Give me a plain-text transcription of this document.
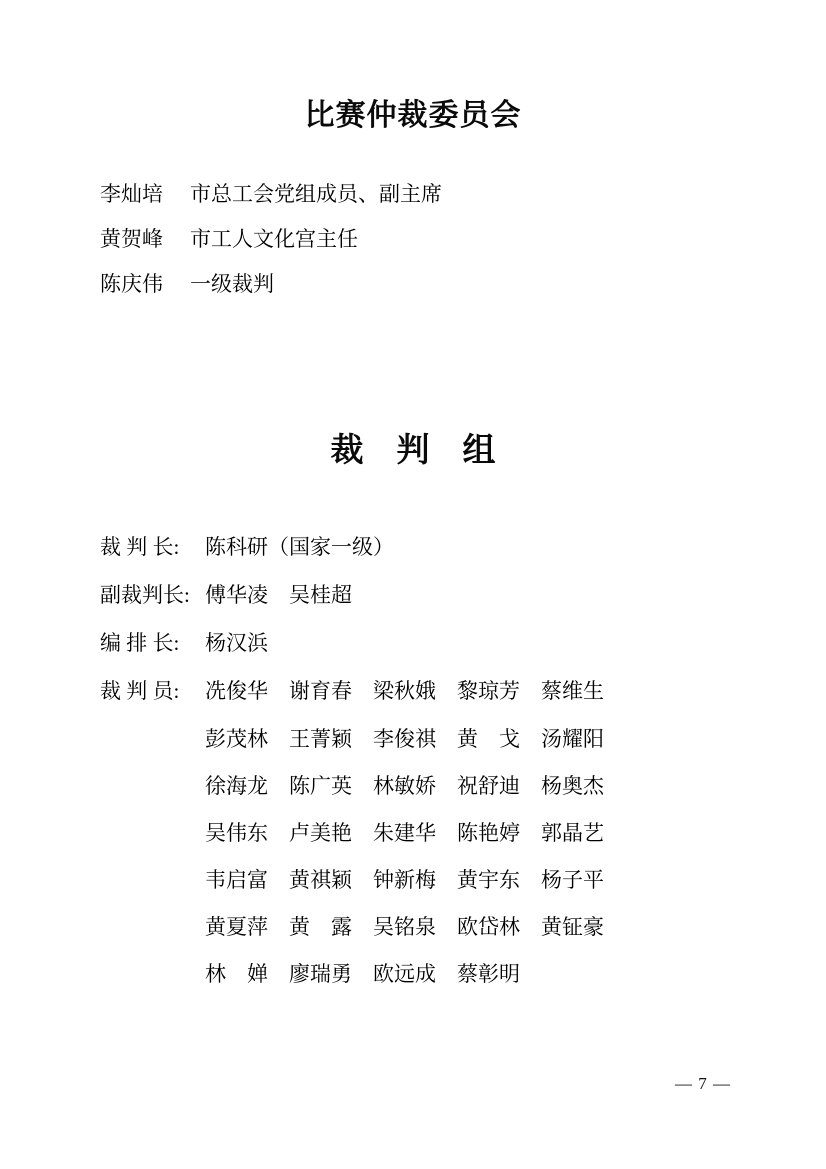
比赛仲裁委员会
李灿培 市总工会党组成员、副主席
黄贺峰 市工人文化宫主任
陈庆伟 一级裁判
裁　判　组
裁 判 长:	陈科研（国家一级）
副裁判长: 傅华凌　吴桂超
编 排 长:	杨汉浜
裁 判 员:	冼俊华 谢育春 梁秋娥 黎琼芳 蔡维生
彭茂林 王菁颖 李俊祺 黄　戈 汤耀阳
徐海龙 陈广英 林敏娇 祝舒迪 杨奥杰
吴伟东 卢美艳 朱建华 陈艳婷 郭晶艺
韦启富 黄祺颖 钟新梅 黄宇东 杨子平
黄夏萍 黄　露 吴铭泉 欧岱林 黄钲豪
林　婵 廖瑞勇 欧远成 蔡彰明
— 7 —
